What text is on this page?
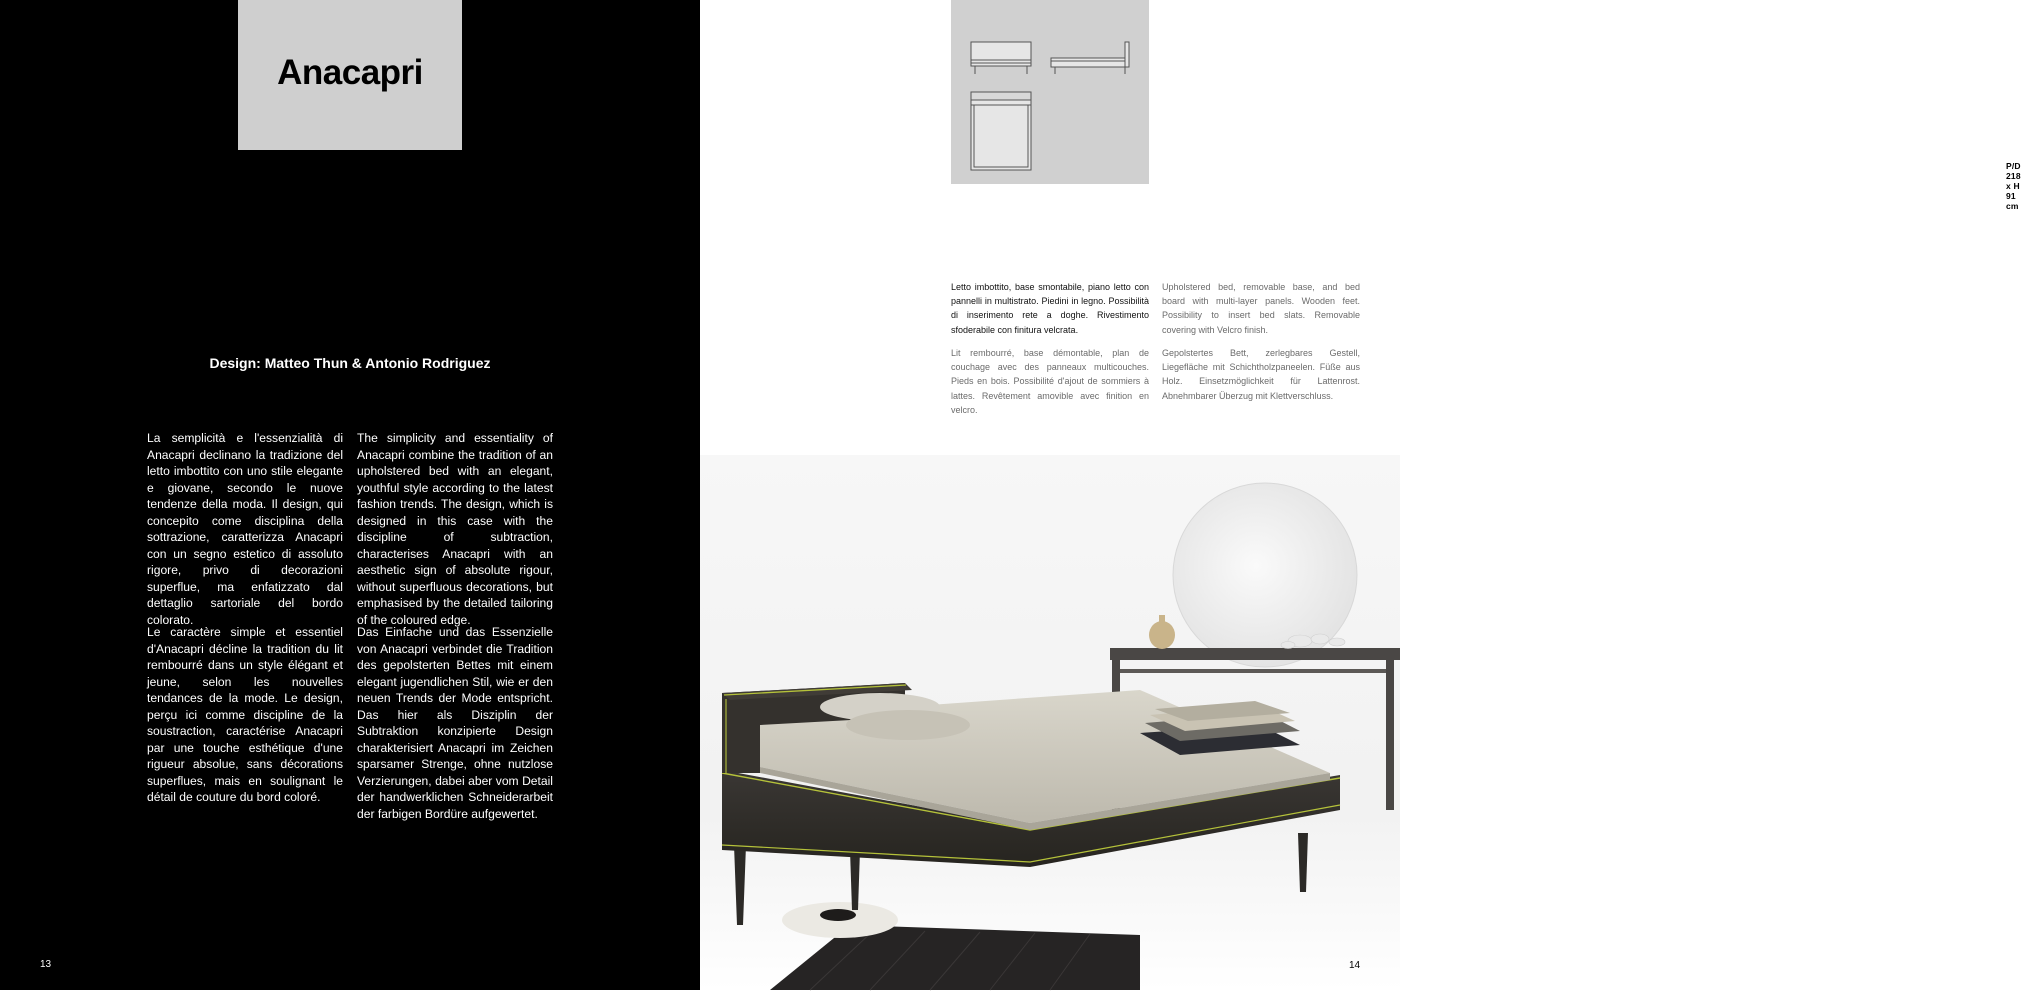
Anacapri
Design: Matteo Thun & Antonio Rodriguez

La semplicità e l'essenzialità di Anacapri declinano la tradizione del letto imbottito con uno stile elegante e giovane, secondo le nuove tendenze della moda. Il design, qui concepito come disciplina della sottrazione, caratterizza Anacapri con un segno estetico di assoluto rigore, privo di decorazioni superflue, ma enfatizzato dal dettaglio sartoriale del bordo colorato.

The simplicity and essentiality of Anacapri combine the tradition of an upholstered bed with an elegant, youthful style according to the latest fashion trends. The design, which is designed in this case with the discipline of subtraction, characterises Anacapri with an aesthetic sign of absolute rigour, without superfluous decorations, but emphasised by the detailed tailoring of the coloured edge.

Le caractère simple et essentiel d'Anacapri décline la tradition du lit rembourré dans un style élégant et jeune, selon les nouvelles tendances de la mode. Le design, perçu ici comme discipline de la soustraction, caractérise Anacapri par une touche esthétique d'une rigueur absolue, sans décorations superflues, mais en soulignant le détail de couture du bord coloré.

Das Einfache und das Essenzielle von Anacapri verbindet die Tradition des gepolsterten Bettes mit einem elegant jugendlichen Stil, wie er den neuen Trends der Mode entspricht. Das hier als Disziplin der Subtraktion konzipierte Design charakterisiert Anacapri im Zeichen sparsamer Strenge, ohne nutzlose Verzierungen, dabei aber vom Detail der handwerklichen Schneiderarbeit der farbigen Bordüre aufgewertet.

13
P/D 218 x H 91 cm
Letto imbottito, base smontabile, piano letto con pannelli in multistrato. Piedini in legno. Possibilità di inserimento rete a doghe. Rivestimento sfoderabile con finitura velcrata.
Upholstered bed, removable base, and bed board with multi-layer panels. Wooden feet. Possibility to insert bed slats. Removable covering with Velcro finish.
Lit rembourré, base démontable, plan de couchage avec des panneaux multicouches. Pieds en bois. Possibilité d'ajout de sommiers à lattes. Revêtement amovible avec finition en velcro.
Gepolstertes Bett, zerlegbares Gestell, Liegefläche mit Schichtholzpaneelen. Füße aus Holz. Einsetzmöglichkeit für Lattenrost. Abnehmbarer Überzug mit Klettverschluss.
14
